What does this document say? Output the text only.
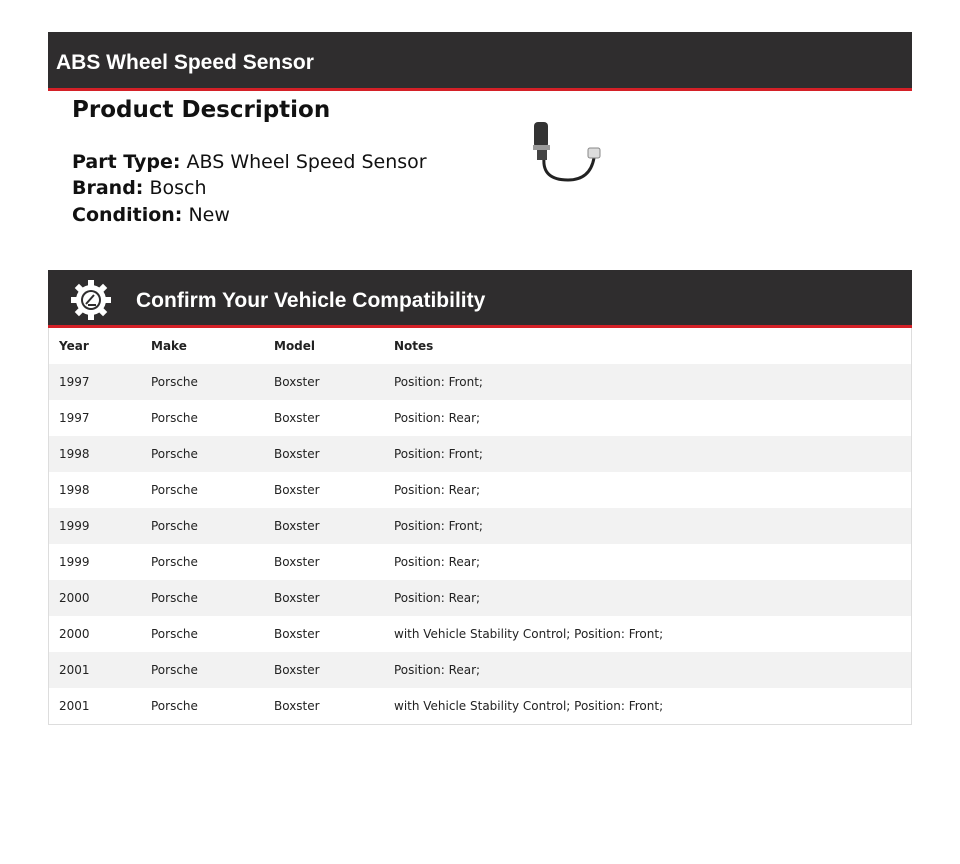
ABS Wheel Speed Sensor
Product Description
Part Type: ABS Wheel Speed Sensor
Brand: Bosch
Condition: New
Confirm Your Vehicle Compatibility
Year	Make	Model	Notes
1997	Porsche	Boxster	Position: Front;
1997	Porsche	Boxster	Position: Rear;
1998	Porsche	Boxster	Position: Front;
1998	Porsche	Boxster	Position: Rear;
1999	Porsche	Boxster	Position: Front;
1999	Porsche	Boxster	Position: Rear;
2000	Porsche	Boxster	Position: Rear;
2000	Porsche	Boxster	with Vehicle Stability Control; Position: Front;
2001	Porsche	Boxster	Position: Rear;
2001	Porsche	Boxster	with Vehicle Stability Control; Position: Front;
